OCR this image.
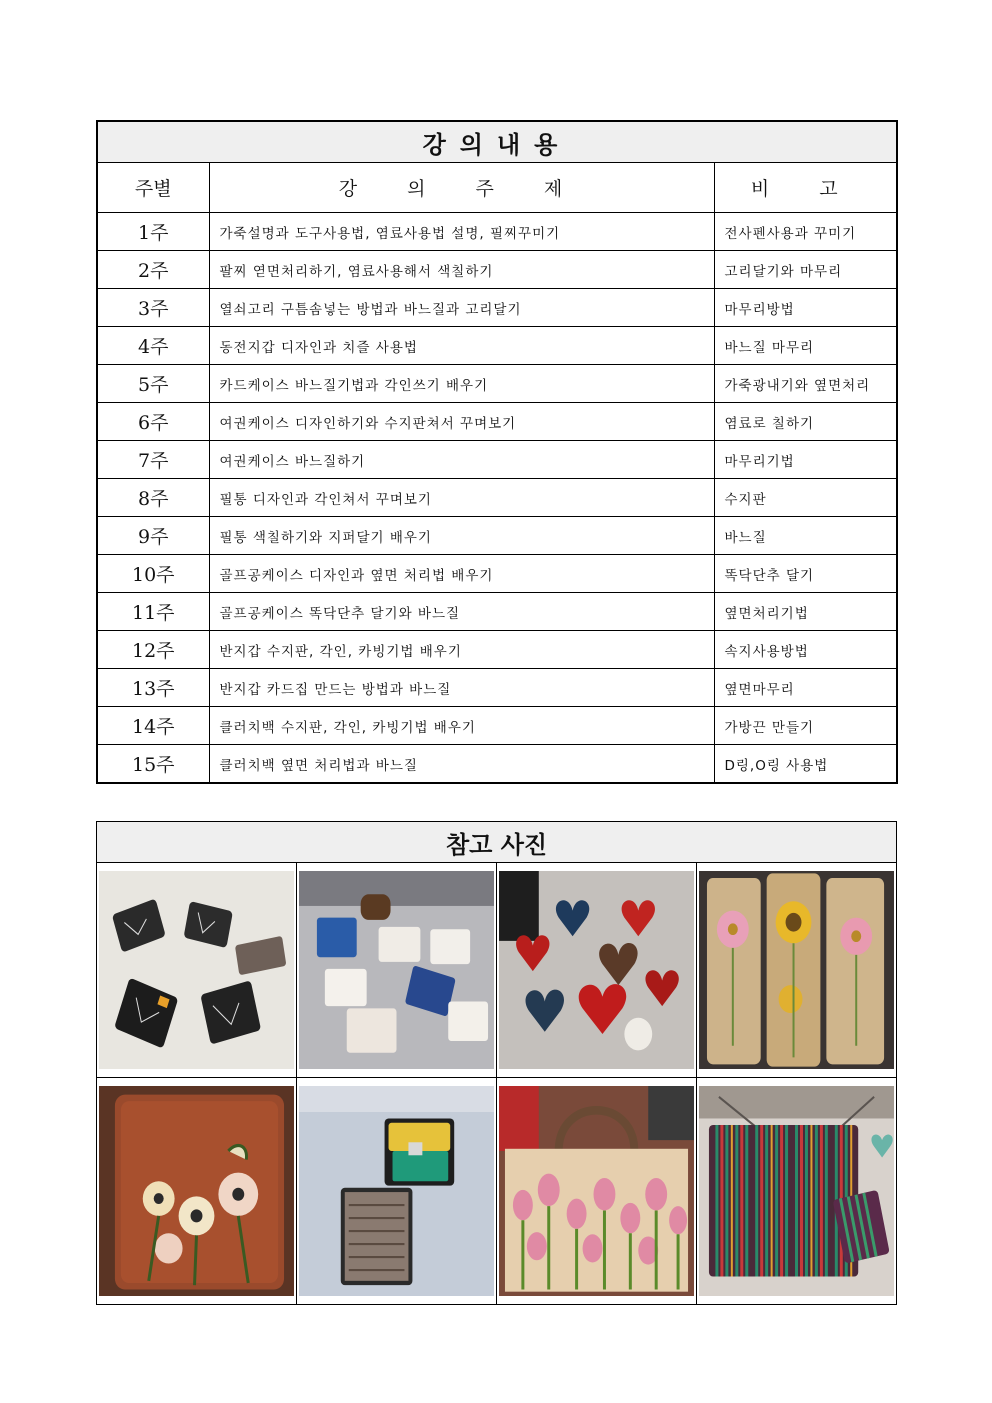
강의내용		
주별	강 의 주 제	비 고
1주	가죽설명과 도구사용법, 염료사용법 설명, 필찌꾸미기	전사펜사용과 꾸미기
2주	팔찌 엳면처리하기, 염료사용해서 색칠하기	고리달기와 마무리
3주	열쇠고리 구틈솜넣는 방법과 바느질과 고리달기	마무리방법
4주	동전지갑 디자인과 치즐 사용법	바느질 마무리
5주	카드케이스 바느질기법과 각인쓰기 배우기	가죽광내기와 옆면처리
6주	여권케이스 디자인하기와 수지판쳐서 꾸며보기	염료로 칠하기
7주	여권케이스 바느질하기	마무리기법
8주	필통 디자인과 각인쳐서 꾸며보기	수지판
9주	필통 색칠하기와 지퍼달기 배우기	바느질
10주	골프공케이스 디자인과 옆면 처리법 배우기	똑닥단추 달기
11주	골프공케이스 똑닥단추 달기와 바느질	옆면처리기법
12주	반지갑 수지판, 각인, 카빙기법 배우기	속지사용방법
13주	반지갑 카드집 만드는 방법과 바느질	옆면마무리
14주	클러치백 수지판, 각인, 카빙기법 배우기	가방끈 만들기
15주	클러치백 옆면 처리법과 바느질	D링,O링 사용법
참고 사진			
